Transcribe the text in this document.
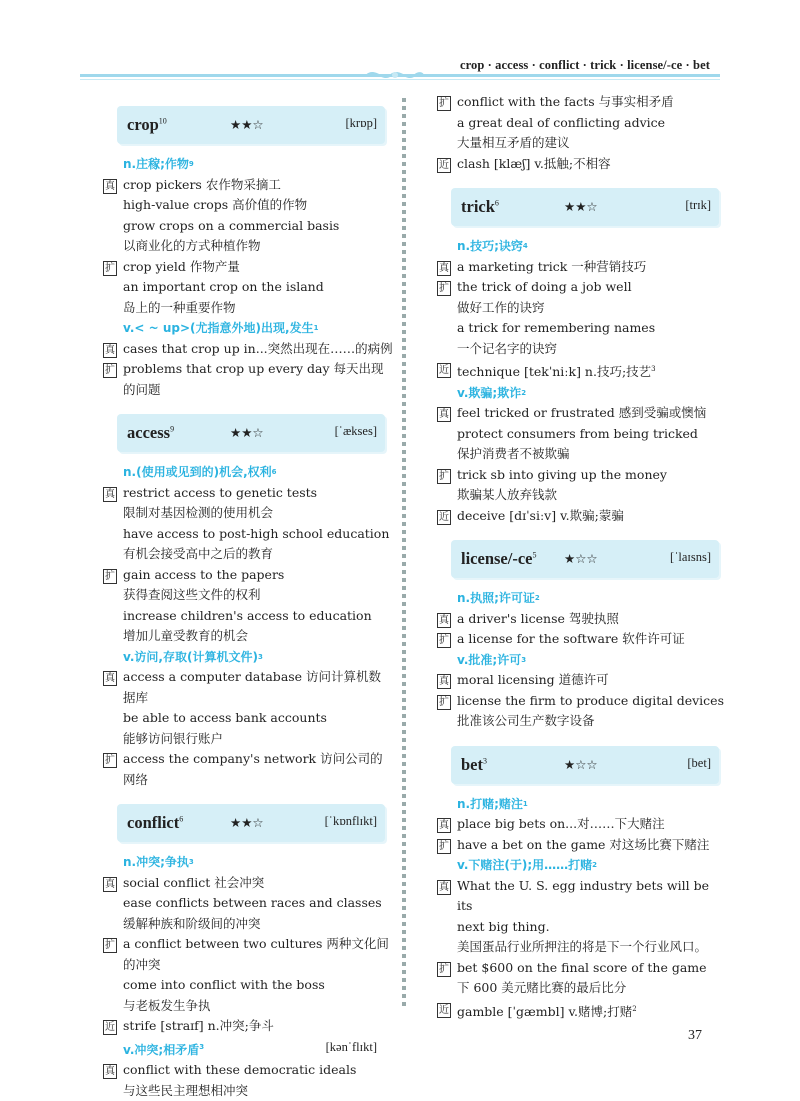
crop · access · conflict · trick · license/-ce · bet
crop$^{10}$	★★☆	[krɒp]
n.庄稼;作物 9
真 crop pickers 农作物采摘工
high-value crops 高价值的作物
grow crops on a commercial basis
以商业化的方式种植作物
扩 crop yield 作物产量
an important crop on the island
岛上的一种重要作物
v.< ~ up>(尤指意外地)出现,发生 1
真 cases that crop up in...突然出现在……的病例
扩 problems that crop up every day 每天出现的问题
access$^9$	★★☆	[ˈækses]
n.(使用或见到的)机会,权利 6
真 restrict access to genetic tests
限制对基因检测的使用机会
have access to post-high school education
有机会接受高中之后的教育
扩 gain access to the papers
获得查阅这些文件的权利
increase children's access to education
增加儿童受教育的机会
v.访问,存取(计算机文件) 3
真 access a computer database 访问计算机数据库
be able to access bank accounts
能够访问银行账户
扩 access the company's network 访问公司的网络
conflict$^6$	★★☆	[ˈkɒnflɪkt]
n.冲突;争执 3
真 social conflict 社会冲突
ease conflicts between races and classes
缓解种族和阶级间的冲突
扩 a conflict between two cultures 两种文化间的冲突
come into conflict with the boss
与老板发生争执
近 strife [straɪf] n.冲突;争斗
v.冲突;相矛盾$^3$	[kənˈflɪkt]
真 conflict with these democratic ideals
与这些民主理想相冲突
扩 conflict with the facts 与事实相矛盾
a great deal of conflicting advice
大量相互矛盾的建议
近 clash [klæʃ] v.抵触;不相容
trick$^6$	★★☆	[trɪk]
n.技巧;诀窍 4
真 a marketing trick 一种营销技巧
扩 the trick of doing a job well
做好工作的诀窍
a trick for remembering names
一个记名字的诀窍
近 technique [tekˈniːk] n.技巧;技艺$^3$
v.欺骗;欺诈 2
真 feel tricked or frustrated 感到受骗或懊恼
protect consumers from being tricked
保护消费者不被欺骗
扩 trick sb into giving up the money
欺骗某人放弃钱款
近 deceive [dɪˈsiːv] v.欺骗;蒙骗
license/$-ce^5$ ★☆☆	[ˈlaɪsns]
n.执照;许可证 2
真 a driver's license 驾驶执照
扩 a license for the software 软件许可证
v.批准;许可 3
真 moral licensing 道德许可
扩 license the firm to produce digital devices
批准该公司生产数字设备
bet$^3$	★☆☆	[bet]
n.打赌;赌注 1
真 place big bets on...对……下大赌注
扩 have a bet on the game 对这场比赛下赌注
v.下赌注(于);用……打赌 2
真 What the U. S. egg industry bets will be its
next big thing.
美国蛋品行业所押注的将是下一个行业风口。
扩 bet $600 on the final score of the game
下 600 美元赌比赛的最后比分
近 gamble [ˈgæmbl] v.赌博;打赌$^2$
37
